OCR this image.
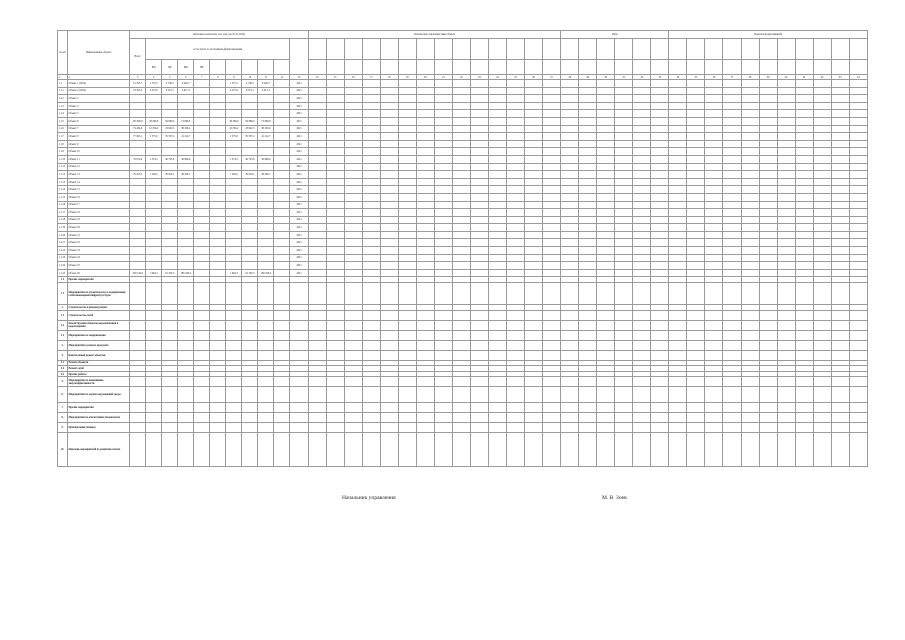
№ п/п	Наименование объекта	Плановые показатели, тыс. руб. (на 01.01.2022)											Технические характеристики объекта														План						Показатели мероприятий										
		Всего	в том числе по источникам финансирования																																								
			ФБ	ОБ	МБ	ВБ																																					
1.	2	3	4	5	6	7	8	9	10	11	12	13	14	15	16	17	18	19	20	21	22	23	24	25	26	27	28	29	30	31	32	33	34	35	36	37	38	39	40	41	42	43	44
1.1	Объект 1 (2022)	15 765,7	1 575,5	4 740,5	9 449,7			1 575,5	4 740,5	9 449,7		2021																															
1.1.1	Объект 2 (2022)	18 765,3	4 475,9	9 372,1	4 917,3			4 475,9	9 372,1	4 917,3		2021																															
1.1.2	Объект 3											2021																															
1.1.3	Объект 4											2021																															
1.1.4	Объект 5											2021																															
1.1.5	Объект 6	205 805,6	38 266,8	94 869,0	72 669,8			38 266,8	94 869,0	72 669,8		2021																															
1.1.6	Объект 7	74 434,9	12 354,2	23 622,3	38 458,4			12 354,2	23 622,3	38 458,4		2021																															
1.1.7	Объект 8	77 925,1	1 375,0	35 337,4	41 212,7			1 375,0	35 337,4	41 212,7		2021																															
1.1.8	Объект 9											2021																															
1.1.9	Объект 10											2021																															
1.1.10	Объект 11	79 074,9	1 374,3	40 703,6	36 996,9			1 374,3	40 703,6	36 996,9		2021																															
1.1.11	Объект 12											2021																															
1.1.12	Объект 13	79 455,3	1 294,5	29 954,1	48 206,7			1 294,5	29 954,1	48 206,7		2021																															
1.1.13	Объект 14											2021																															
1.1.14	Объект 15											2021																															
1.1.15	Объект 16											2021																															
1.1.16	Объект 17											2021																															
1.1.17	Объект 18											2021																															
1.1.18	Объект 19											2021																															
1.1.19	Объект 20											2021																															
1.1.20	Объект 21											2021																															
1.1.21	Объект 22											2021																															
1.1.22	Объект 23											2021																															
1.1.23	Объект 24											2021																															
1.1.24	Объект 25											2021																															
1.1.25	Объект 26	259 744,8	1 964,3	91 350,3	166 430,2			1 964,3	91 350,3	166 430,2		2021																															
1.2	Прочие мероприятия																																										
1.3	Мероприятия по строительству и модернизации сетей инженерной инфраструктуры																																										
2.	Строительство и реконструкция																																										
2.1	Строительство сетей																																										
2.2	Реконструкция объектов водоснабжения и водоотведения																																										
2.3	Мероприятия по модернизации																																										
3.	Мероприятия в рамках программ																																										
4.	Капитальный ремонт объектов																																										
4.1	Ремонт объектов																																										
4.2	Ремонт сетей																																										
4.3	Прочие работы																																										
5.	Мероприятия по повышению энергоэффективности																																										
6.	Мероприятия по охране окружающей среды																																										
7.	Прочие мероприятия																																										
8.	Мероприятия по обеспечению безопасности																																										
9.	Приобретение техники																																										
10.	Перечень мероприятий по развитию систем																																										
Начальник управления	М. В. Зоев
